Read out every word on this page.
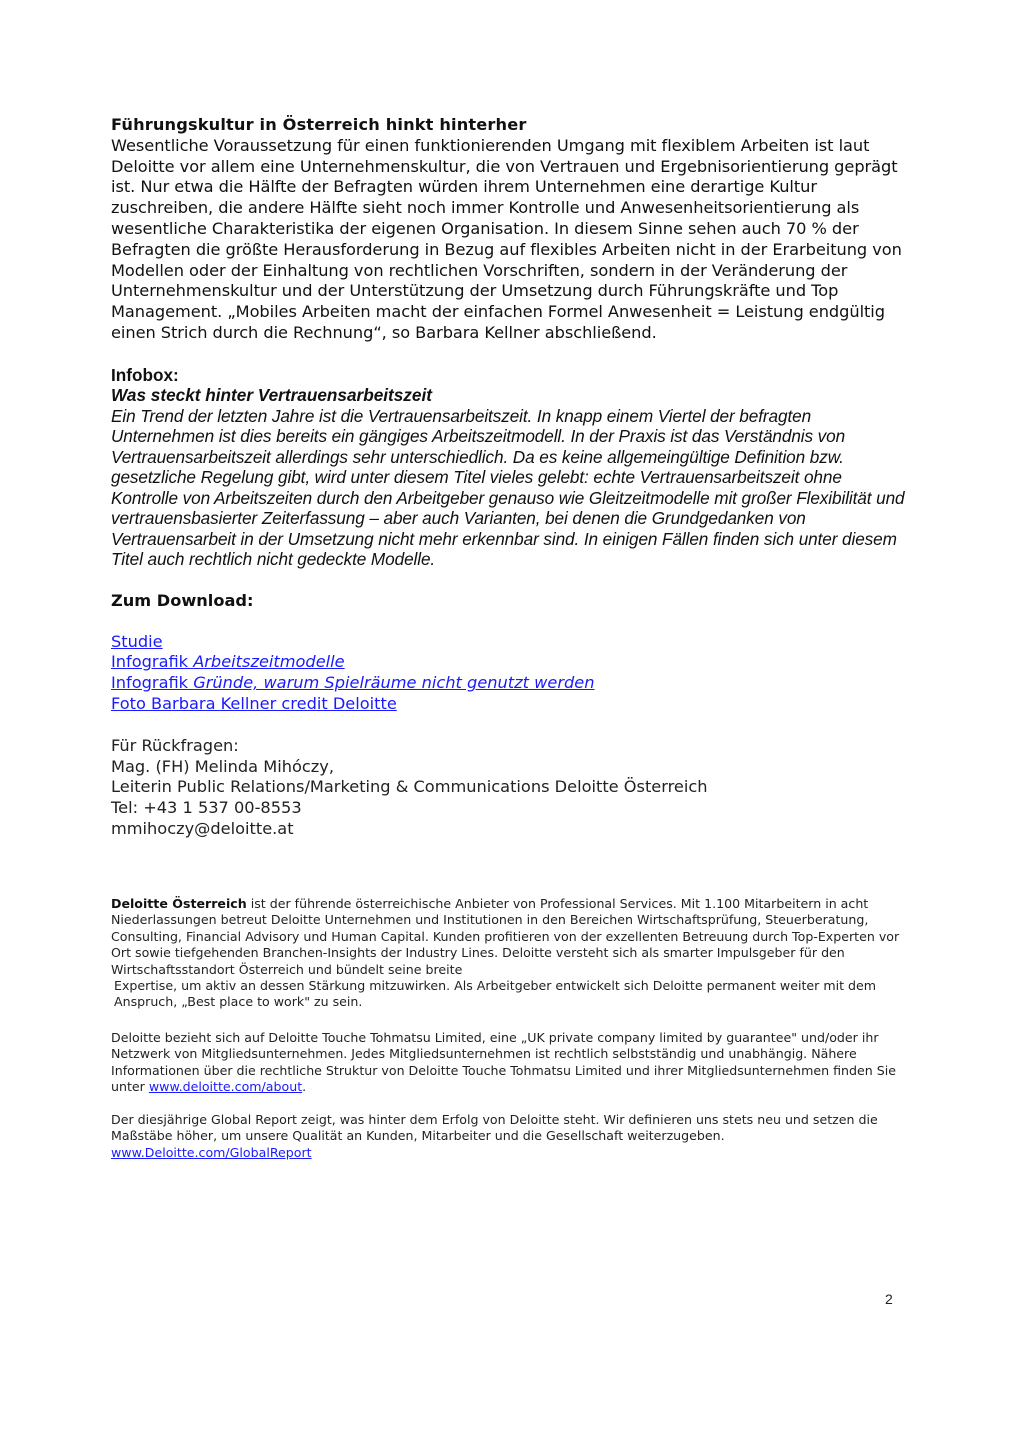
Führungskultur in Österreich hinkt hinterher

Wesentliche Voraussetzung für einen funktionierenden Umgang mit flexiblem Arbeiten ist laut Deloitte vor allem eine Unternehmenskultur, die von Vertrauen und Ergebnisorientierung geprägt ist. Nur etwa die Hälfte der Befragten würden ihrem Unternehmen eine derartige Kultur zuschreiben, die andere Hälfte sieht noch immer Kontrolle und Anwesenheitsorientierung als wesentliche Charakteristika der eigenen Organisation. In diesem Sinne sehen auch 70 % der Befragten die größte Herausforderung in Bezug auf flexibles Arbeiten nicht in der Erarbeitung von Modellen oder der Einhaltung von rechtlichen Vorschriften, sondern in der Veränderung der Unternehmenskultur und der Unterstützung der Umsetzung durch Führungskräfte und Top Management. „Mobiles Arbeiten macht der einfachen Formel Anwesenheit = Leistung endgültig einen Strich durch die Rechnung“, so Barbara Kellner abschließend.

Infobox:
Was steckt hinter Vertrauensarbeitszeit

Ein Trend der letzten Jahre ist die Vertrauensarbeitszeit. In knapp einem Viertel der befragten Unternehmen ist dies bereits ein gängiges Arbeitszeitmodell. In der Praxis ist das Verständnis von Vertrauensarbeitszeit allerdings sehr unterschiedlich. Da es keine allgemeingültige Definition bzw. gesetzliche Regelung gibt, wird unter diesem Titel vieles gelebt: echte Vertrauensarbeitszeit ohne Kontrolle von Arbeitszeiten durch den Arbeitgeber genauso wie Gleitzeitmodelle mit großer Flexibilität und vertrauensbasierter Zeiterfassung – aber auch Varianten, bei denen die Grundgedanken von Vertrauensarbeit in der Umsetzung nicht mehr erkennbar sind. In einigen Fällen finden sich unter diesem Titel auch rechtlich nicht gedeckte Modelle.

Zum Download:
Studie
Infografik Arbeitszeitmodelle
Infografik Gründe, warum Spielräume nicht genutzt werden
Foto Barbara Kellner credit Deloitte
Für Rückfragen:
Mag. (FH) Melinda Mihóczy,
Leiterin Public Relations/Marketing & Communications Deloitte Österreich
Tel: +43 1 537 00-8553
mmihoczy@deloitte.at

Deloitte Österreich ist der führende österreichische Anbieter von Professional Services. Mit 1.100 Mitarbeitern in acht Niederlassungen betreut Deloitte Unternehmen und Institutionen in den Bereichen Wirtschaftsprüfung, Steuerberatung, Consulting, Financial Advisory und Human Capital. Kunden profitieren von der exzellenten Betreuung durch Top-Experten vor Ort sowie tiefgehenden Branchen-Insights der Industry Lines. Deloitte versteht sich als smarter Impulsgeber für den Wirtschaftsstandort Österreich und bündelt seine breite

Expertise, um aktiv an dessen Stärkung mitzuwirken. Als Arbeitgeber entwickelt sich Deloitte permanent weiter mit dem Anspruch, „Best place to work" zu sein.

Deloitte bezieht sich auf Deloitte Touche Tohmatsu Limited, eine „UK private company limited by guarantee" und/oder ihr Netzwerk von Mitgliedsunternehmen. Jedes Mitgliedsunternehmen ist rechtlich selbstständig und unabhängig. Nähere Informationen über die rechtliche Struktur von Deloitte Touche Tohmatsu Limited und ihrer Mitgliedsunternehmen finden Sie unter www.deloitte.com/about.

Der diesjährige Global Report zeigt, was hinter dem Erfolg von Deloitte steht. Wir definieren uns stets neu und setzen die Maßstäbe höher, um unsere Qualität an Kunden, Mitarbeiter und die Gesellschaft weiterzugeben.
www.Deloitte.com/GlobalReport

2
